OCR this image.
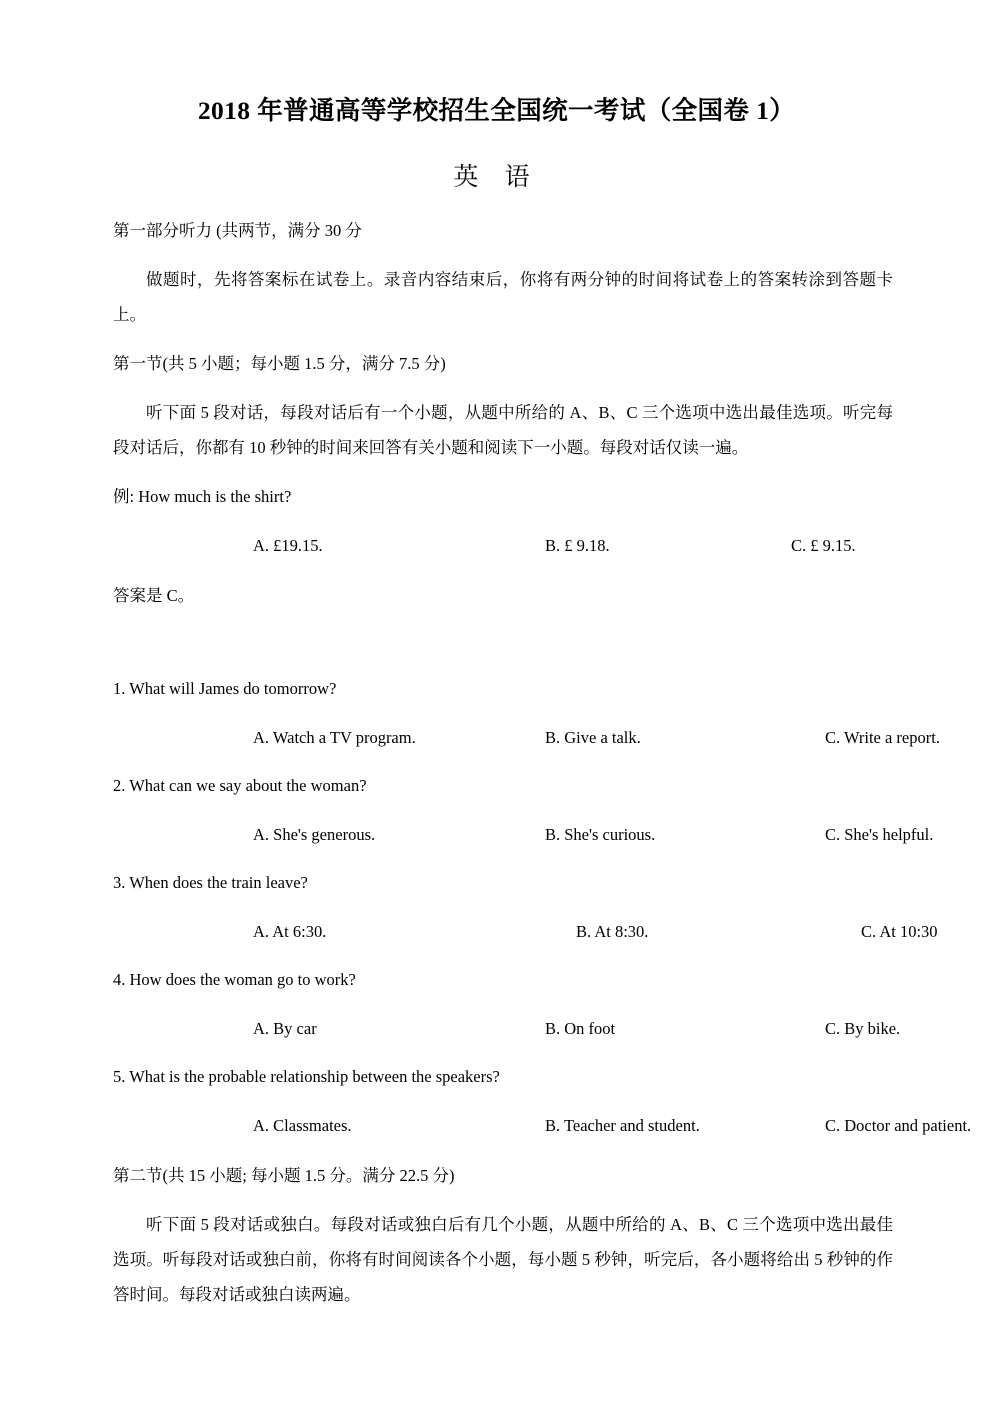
2018 年普通高等学校招生全国统一考试（全国卷 1）
英 语

第一部分听力 (共两节，满分 30 分

做题时，先将答案标在试卷上。录音内容结束后，你将有两分钟的时间将试卷上的答案转涂到答题卡上。

第一节(共 5 小题；每小题 1.5 分，满分 7.5 分)

听下面 5 段对话，每段对话后有一个小题，从题中所给的 A、B、C 三个选项中选出最佳选项。听完每段对话后，你都有 10 秒钟的时间来回答有关小题和阅读下一小题。每段对话仅读一遍。

例: How much is the shirt?

A. £19.15.	B. £ 9.18.	C. £ 9.15.

答案是 C。

1. What will James do tomorrow?

A. Watch a TV program.	B. Give a talk.	C. Write a report.

2. What can we say about the woman?

A. She's generous.	B. She's curious.	C. She's helpful.

3. When does the train leave?

A. At 6:30.	B. At 8:30.	C. At 10:30

4. How does the woman go to work?

A. By car	B. On foot	C. By bike.

5. What is the probable relationship between the speakers?

A. Classmates.	B. Teacher and student.	C. Doctor and patient.

第二节(共 15 小题; 每小题 1.5 分。满分 22.5 分)

听下面 5 段对话或独白。每段对话或独白后有几个小题，从题中所给的 A、B、C 三个选项中选出最佳选项。听每段对话或独白前，你将有时间阅读各个小题，每小题 5 秒钟，听完后，各小题将给出 5 秒钟的作答时间。每段对话或独白读两遍。
